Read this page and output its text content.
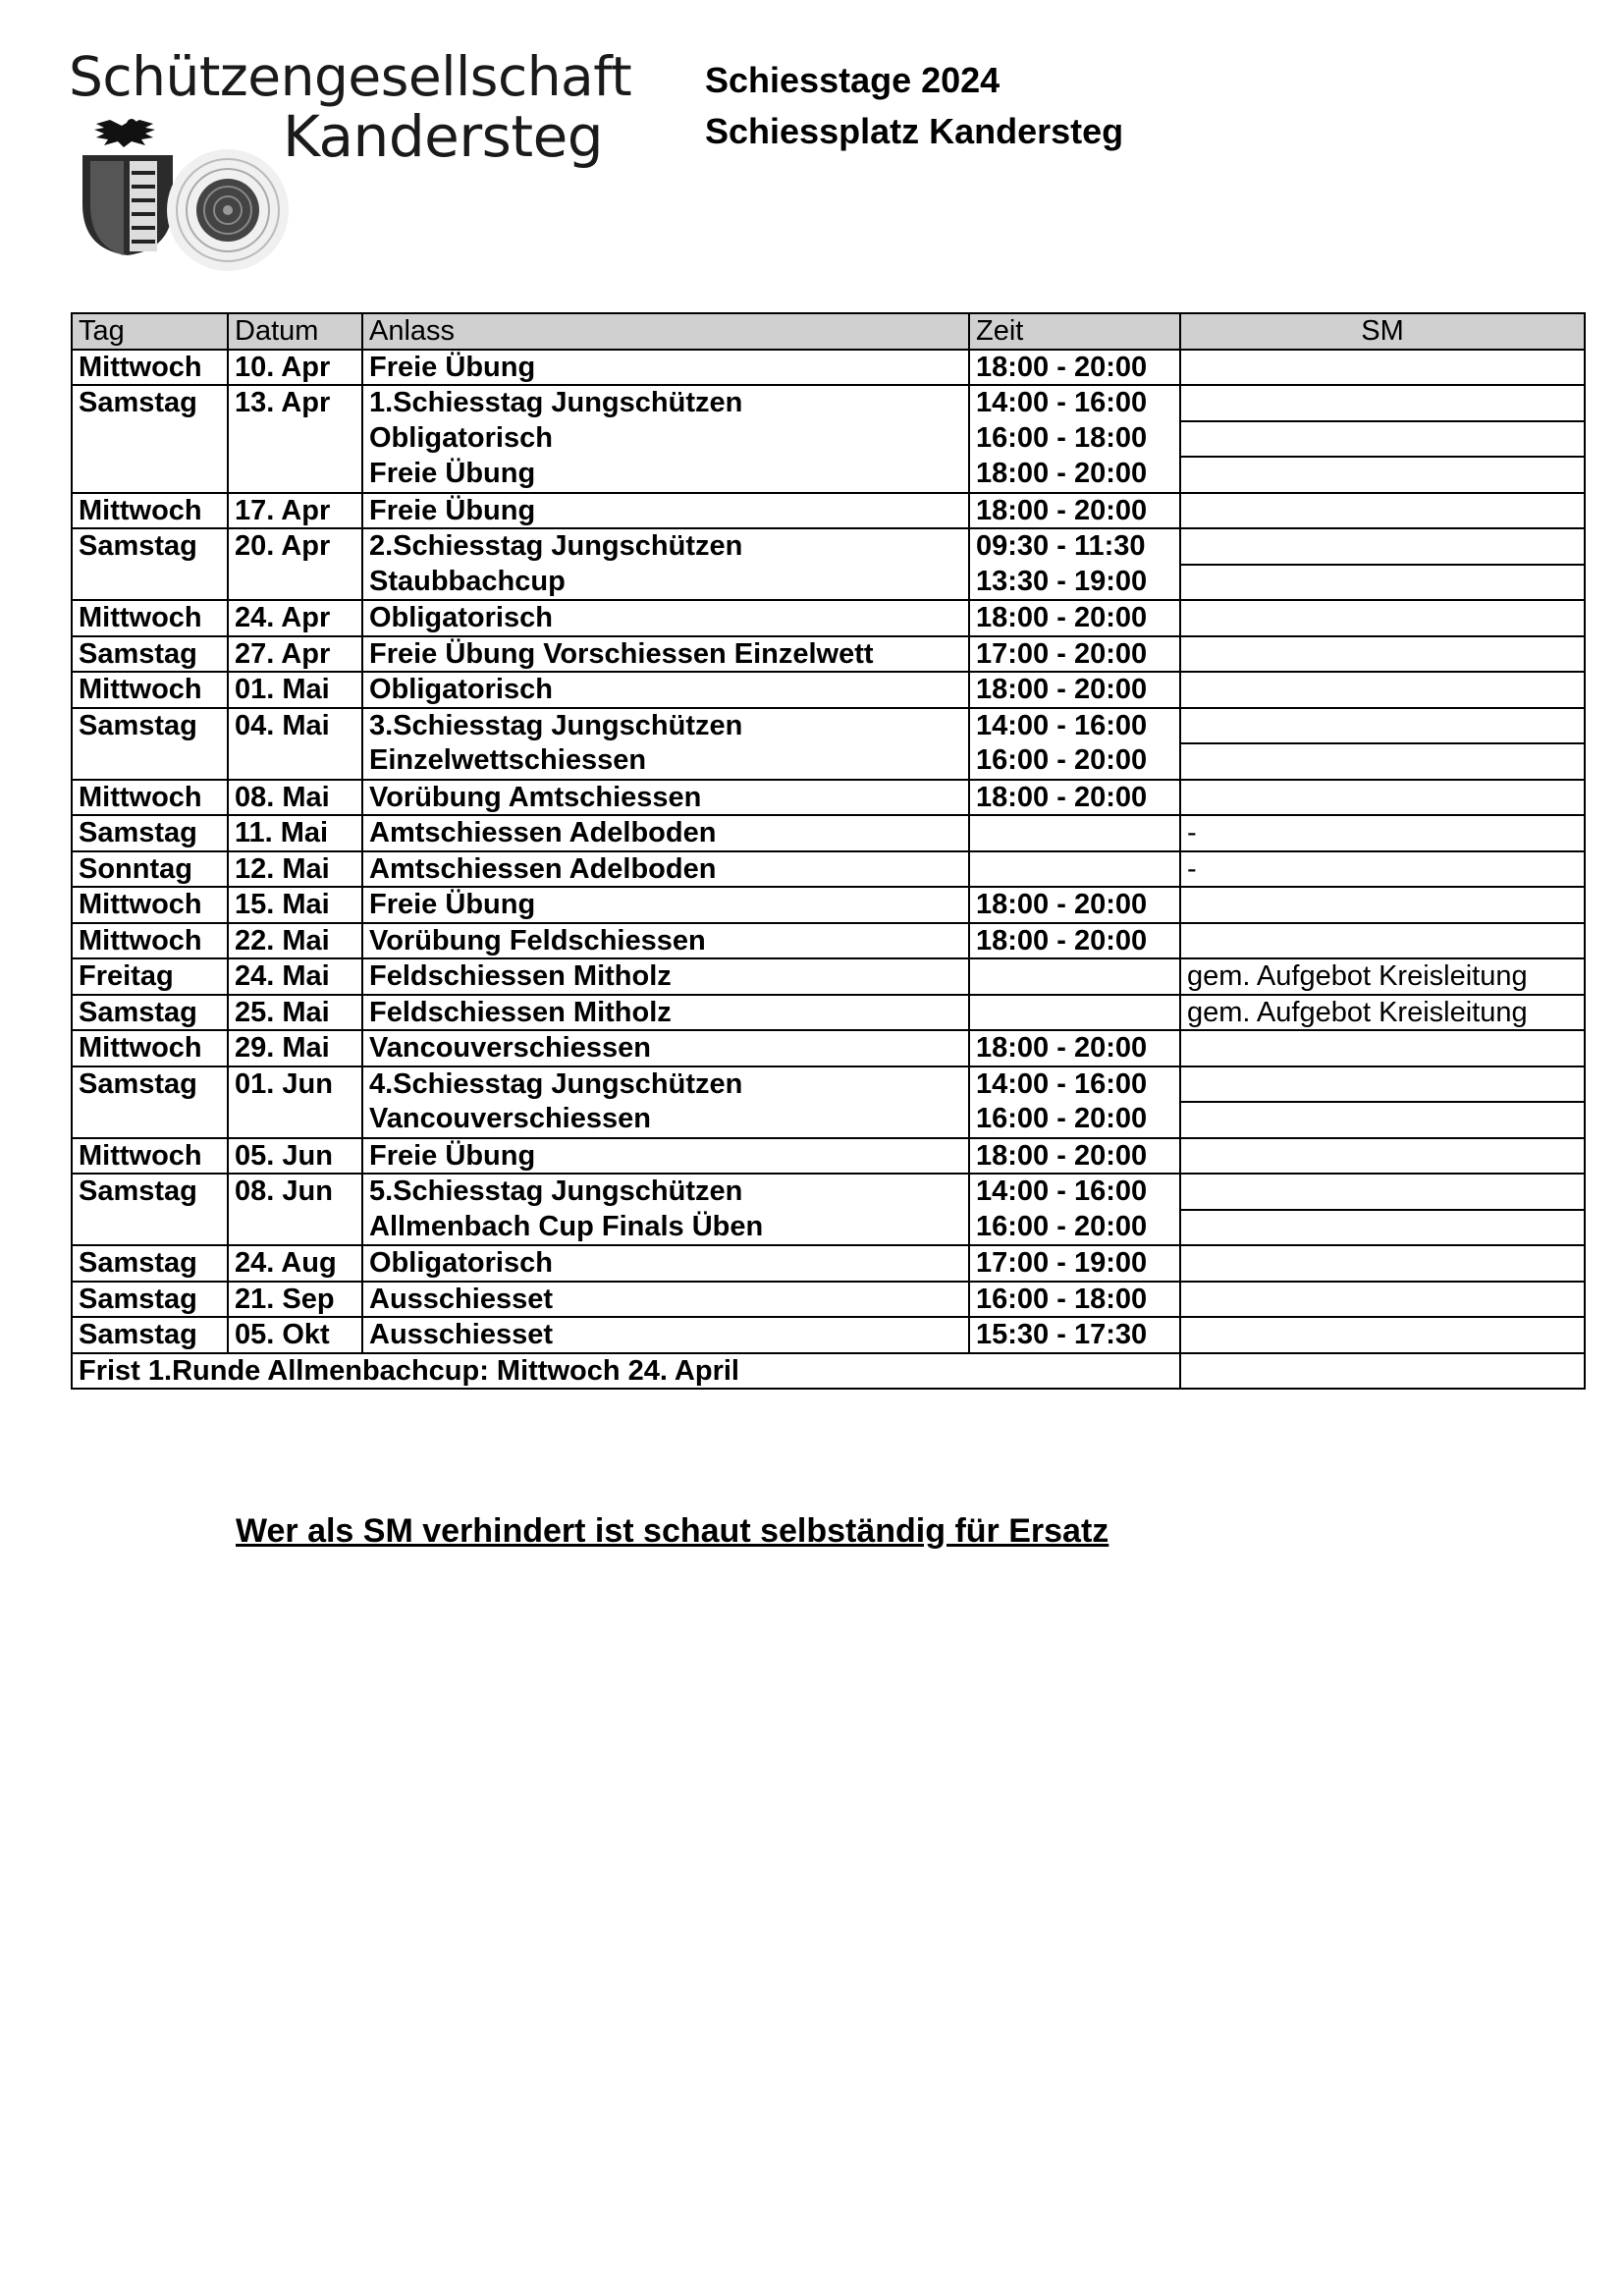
Schützengesellschaft
Kandersteg
Schiesstage 2024
Schiessplatz Kandersteg
Tag	Datum	Anlass	Zeit	SM
Mittwoch	10. Apr	Freie Übung	18:00 - 20:00	
Samstag	13. Apr	1.Schiesstag Jungschützen	14:00 - 16:00	
		Obligatorisch	16:00 - 18:00	
		Freie Übung	18:00 - 20:00	
Mittwoch	17. Apr	Freie Übung	18:00 - 20:00	
Samstag	20. Apr	2.Schiesstag Jungschützen	09:30 - 11:30	
		Staubbachcup	13:30 - 19:00	
Mittwoch	24. Apr	Obligatorisch	18:00 - 20:00	
Samstag	27. Apr	Freie Übung Vorschiessen Einzelwett	17:00 - 20:00	
Mittwoch	01. Mai	Obligatorisch	18:00 - 20:00	
Samstag	04. Mai	3.Schiesstag Jungschützen	14:00 - 16:00	
		Einzelwettschiessen	16:00 - 20:00	
Mittwoch	08. Mai	Vorübung Amtschiessen	18:00 - 20:00	
Samstag	11. Mai	Amtschiessen Adelboden		-
Sonntag	12. Mai	Amtschiessen Adelboden		-
Mittwoch	15. Mai	Freie Übung	18:00 - 20:00	
Mittwoch	22. Mai	Vorübung Feldschiessen	18:00 - 20:00	
Freitag	24. Mai	Feldschiessen Mitholz		gem. Aufgebot Kreisleitung
Samstag	25. Mai	Feldschiessen Mitholz		gem. Aufgebot Kreisleitung
Mittwoch	29. Mai	Vancouverschiessen	18:00 - 20:00	
Samstag	01. Jun	4.Schiesstag Jungschützen	14:00 - 16:00	
		Vancouverschiessen	16:00 - 20:00	
Mittwoch	05. Jun	Freie Übung	18:00 - 20:00	
Samstag	08. Jun	5.Schiesstag Jungschützen	14:00 - 16:00	
		Allmenbach Cup Finals Üben	16:00 - 20:00	
Samstag	24. Aug	Obligatorisch	17:00 - 19:00	
Samstag	21. Sep	Ausschiesset	16:00 - 18:00	
Samstag	05. Okt	Ausschiesset	15:30 - 17:30	
Frist 1.Runde Allmenbachcup: Mittwoch 24. April				
Wer als SM verhindert ist schaut selbständig für Ersatz
